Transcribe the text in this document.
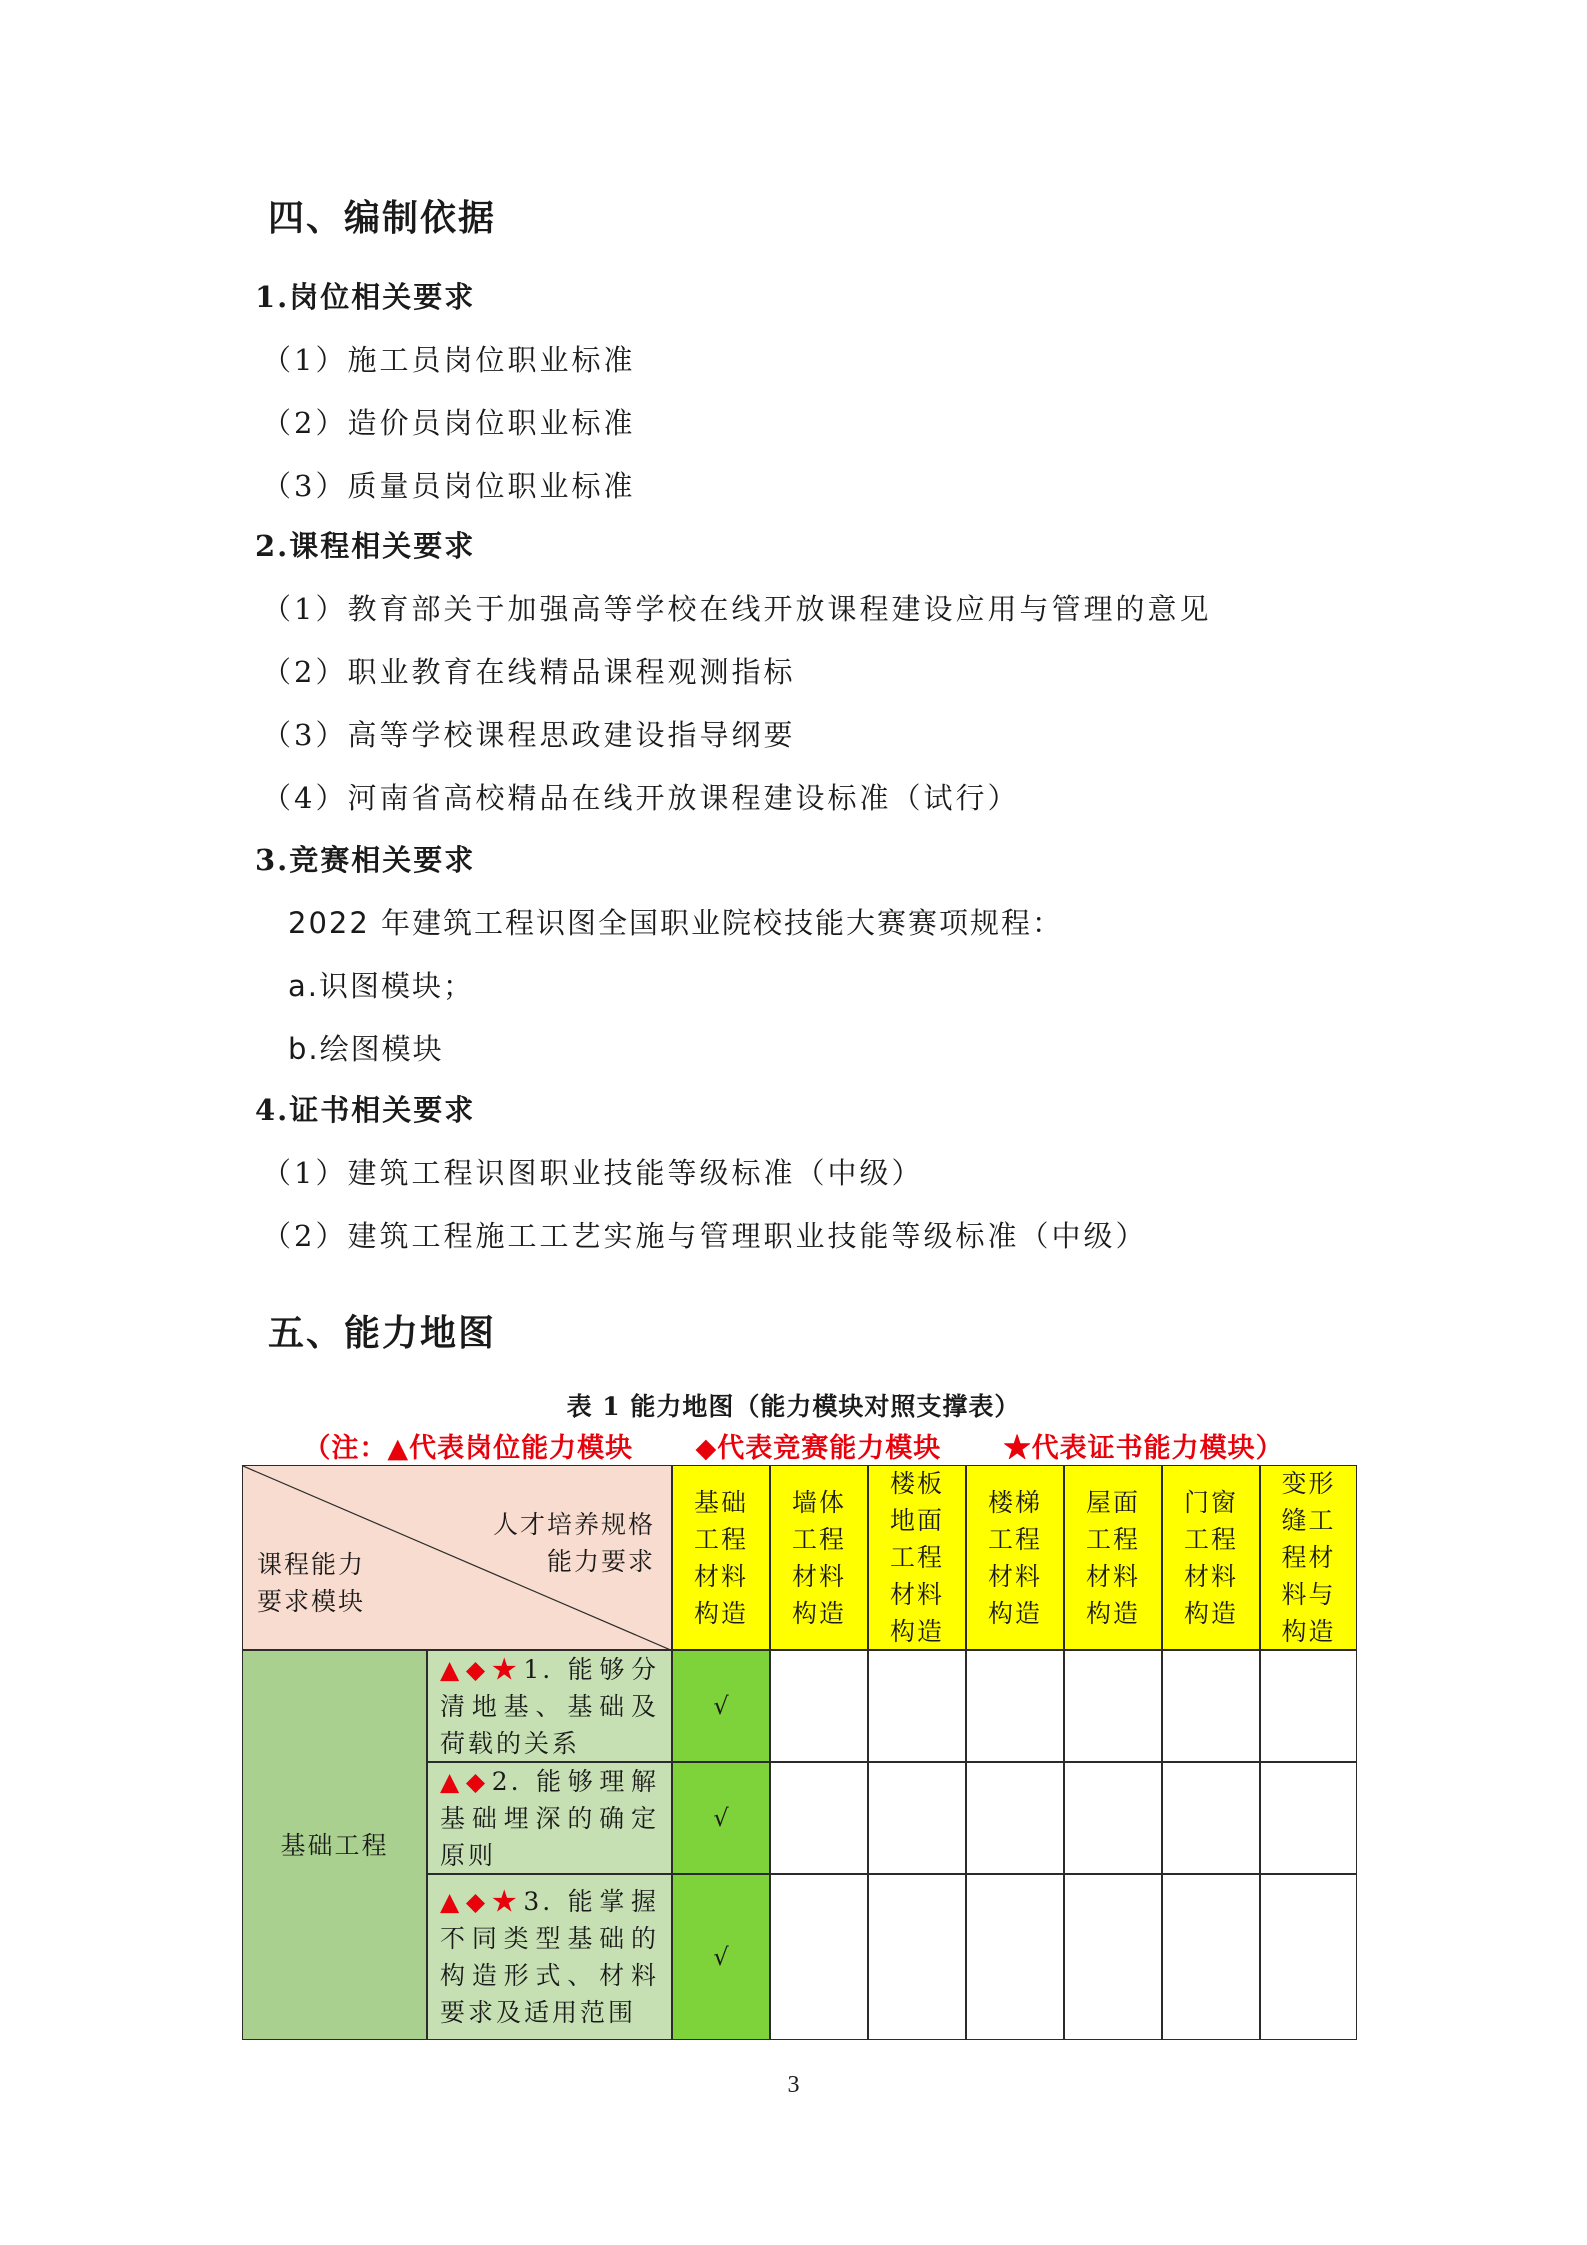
四、编制依据
1.岗位相关要求
（1）施工员岗位职业标准
（2）造价员岗位职业标准
（3）质量员岗位职业标准
2.课程相关要求
（1）教育部关于加强高等学校在线开放课程建设应用与管理的意见
（2）职业教育在线精品课程观测指标
（3）高等学校课程思政建设指导纲要
（4）河南省高校精品在线开放课程建设标准（试行）
3.竞赛相关要求
2022 年建筑工程识图全国职业院校技能大赛赛项规程：
a.识图模块；
b.绘图模块
4.证书相关要求
（1）建筑工程识图职业技能等级标准（中级）
（2）建筑工程施工工艺实施与管理职业技能等级标准（中级）
五、能力地图
表 1 能力地图（能力模块对照支撑表）
（注：▲代表岗位能力模块      ◆代表竞赛能力模块      ★代表证书能力模块）
人才培养规格
能力要求
课程能力
要求模块
基础
工程
材料
构造
墙体
工程
材料
构造
楼板
地面
工程
材料
构造
楼梯
工程
材料
构造
屋面
工程
材料
构造
门窗
工程
材料
构造
变形
缝工
程材
料与
构造
基础工程
▲◆★1. 能够分清地基、基础及荷载的关系
√
▲◆2. 能够理解基础埋深的确定原则
√
▲◆★3. 能掌握不同类型基础的构造形式、材料要求及适用范围
√
3
